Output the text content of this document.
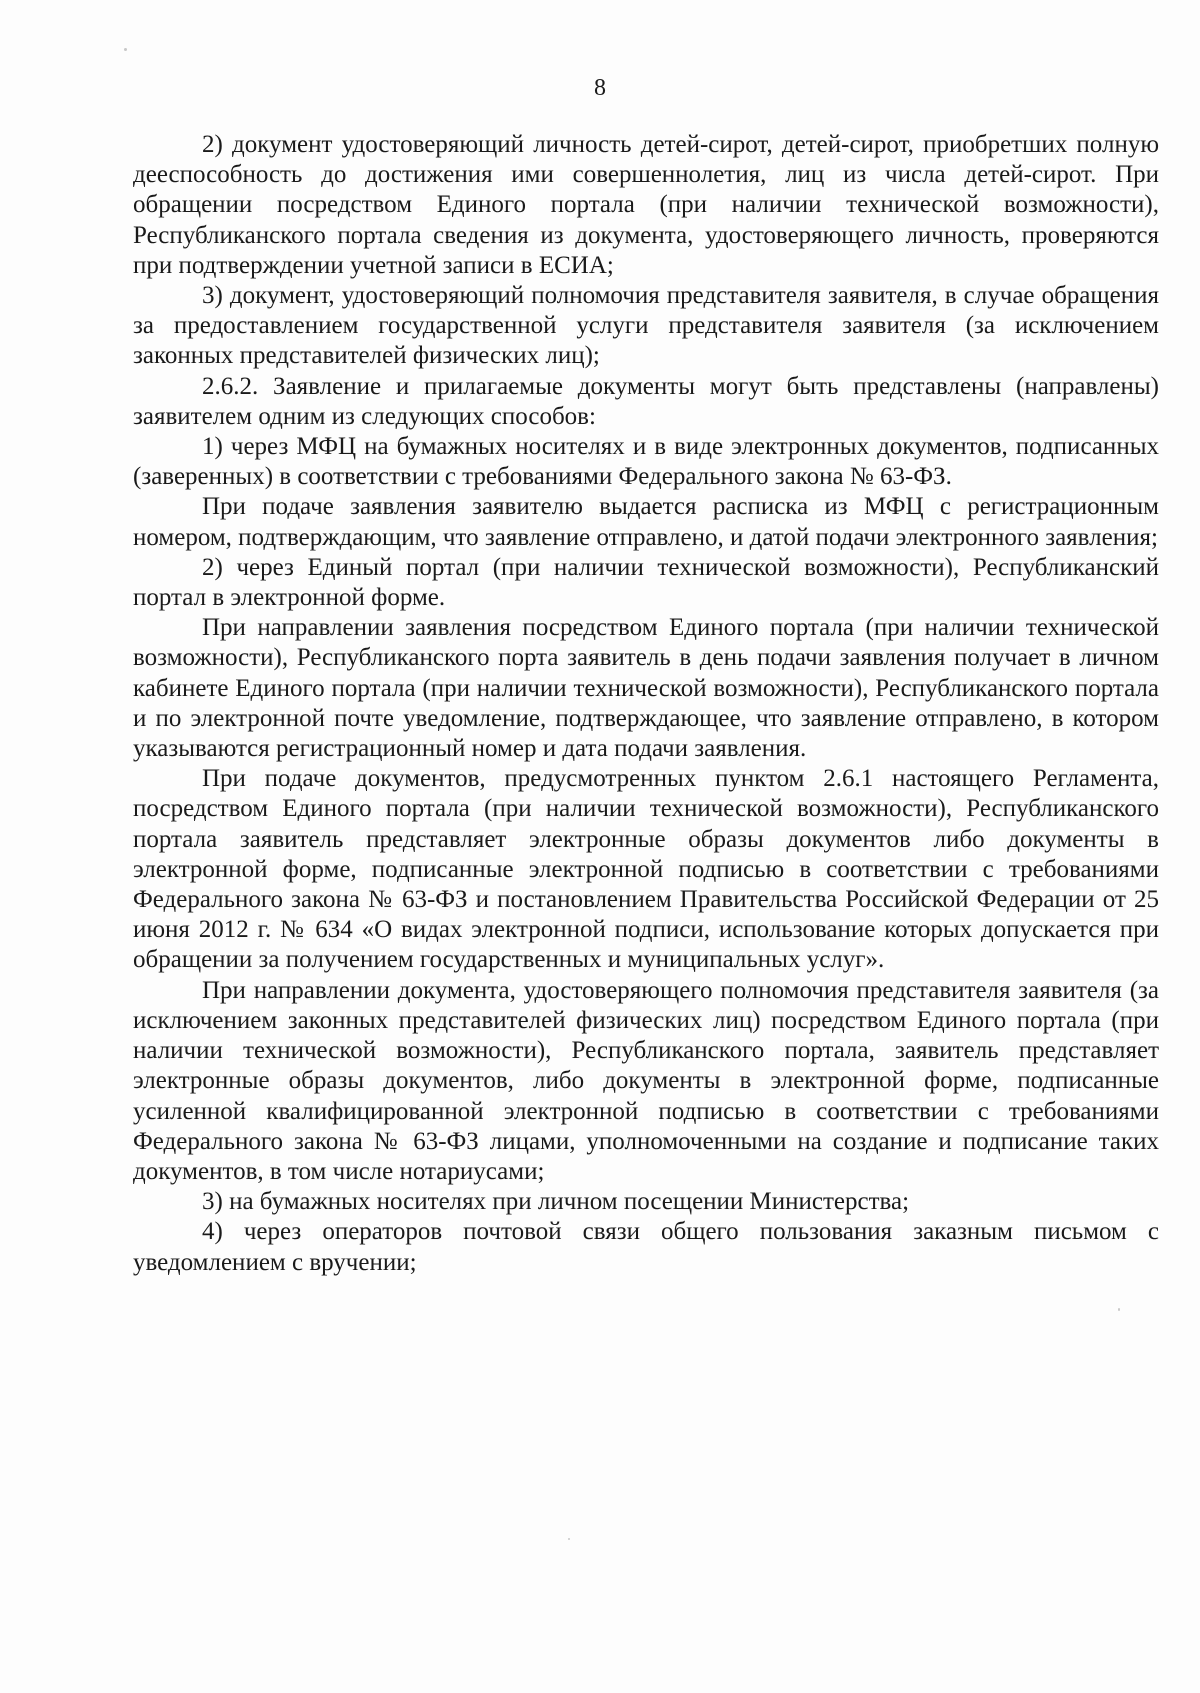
8

2) документ удостоверяющий личность детей-сирот, детей-сирот, приобретших полную дееспособность до достижения ими совершеннолетия, лиц из числа детей-сирот. При обращении посредством Единого портала (при наличии технической возможности), Республиканского портала сведения из документа, удостоверяющего личность, проверяются при подтверждении учетной записи в ЕСИА;

3) документ, удостоверяющий полномочия представителя заявителя, в случае обращения за предоставлением государственной услуги представителя заявителя (за исключением законных представителей физических лиц);

2.6.2. Заявление и прилагаемые документы могут быть представлены (направлены) заявителем одним из следующих способов:

1) через МФЦ на бумажных носителях и в виде электронных документов, подписанных (заверенных) в соответствии с требованиями Федерального закона № 63-ФЗ.

При подаче заявления заявителю выдается расписка из МФЦ с регистрационным номером, подтверждающим, что заявление отправлено, и датой подачи электронного заявления;

2) через Единый портал (при наличии технической возможности), Республиканский портал в электронной форме.

При направлении заявления посредством Единого портала (при наличии технической возможности), Республиканского порта заявитель в день подачи заявления получает в личном кабинете Единого портала (при наличии технической возможности), Республиканского портала и по электронной почте уведомление, подтверждающее, что заявление отправлено, в котором указываются регистрационный номер и дата подачи заявления.

При подаче документов, предусмотренных пунктом 2.6.1 настоящего Регламента, посредством Единого портала (при наличии технической возможности), Республиканского портала заявитель представляет электронные образы документов либо документы в электронной форме, подписанные электронной подписью в соответствии с требованиями Федерального закона № 63-ФЗ и постановлением Правительства Российской Федерации от 25 июня 2012 г. № 634 «О видах электронной подписи, использование которых допускается при обращении за получением государственных и муниципальных услуг».

При направлении документа, удостоверяющего полномочия представителя заявителя (за исключением законных представителей физических лиц) посредством Единого портала (при наличии технической возможности), Республиканского портала, заявитель представляет электронные образы документов, либо документы в электронной форме, подписанные усиленной квалифицированной электронной подписью в соответствии с требованиями Федерального закона № 63-ФЗ лицами, уполномоченными на создание и подписание таких документов, в том числе нотариусами;

3) на бумажных носителях при личном посещении Министерства;

4) через операторов почтовой связи общего пользования заказным письмом с уведомлением с вручении;
